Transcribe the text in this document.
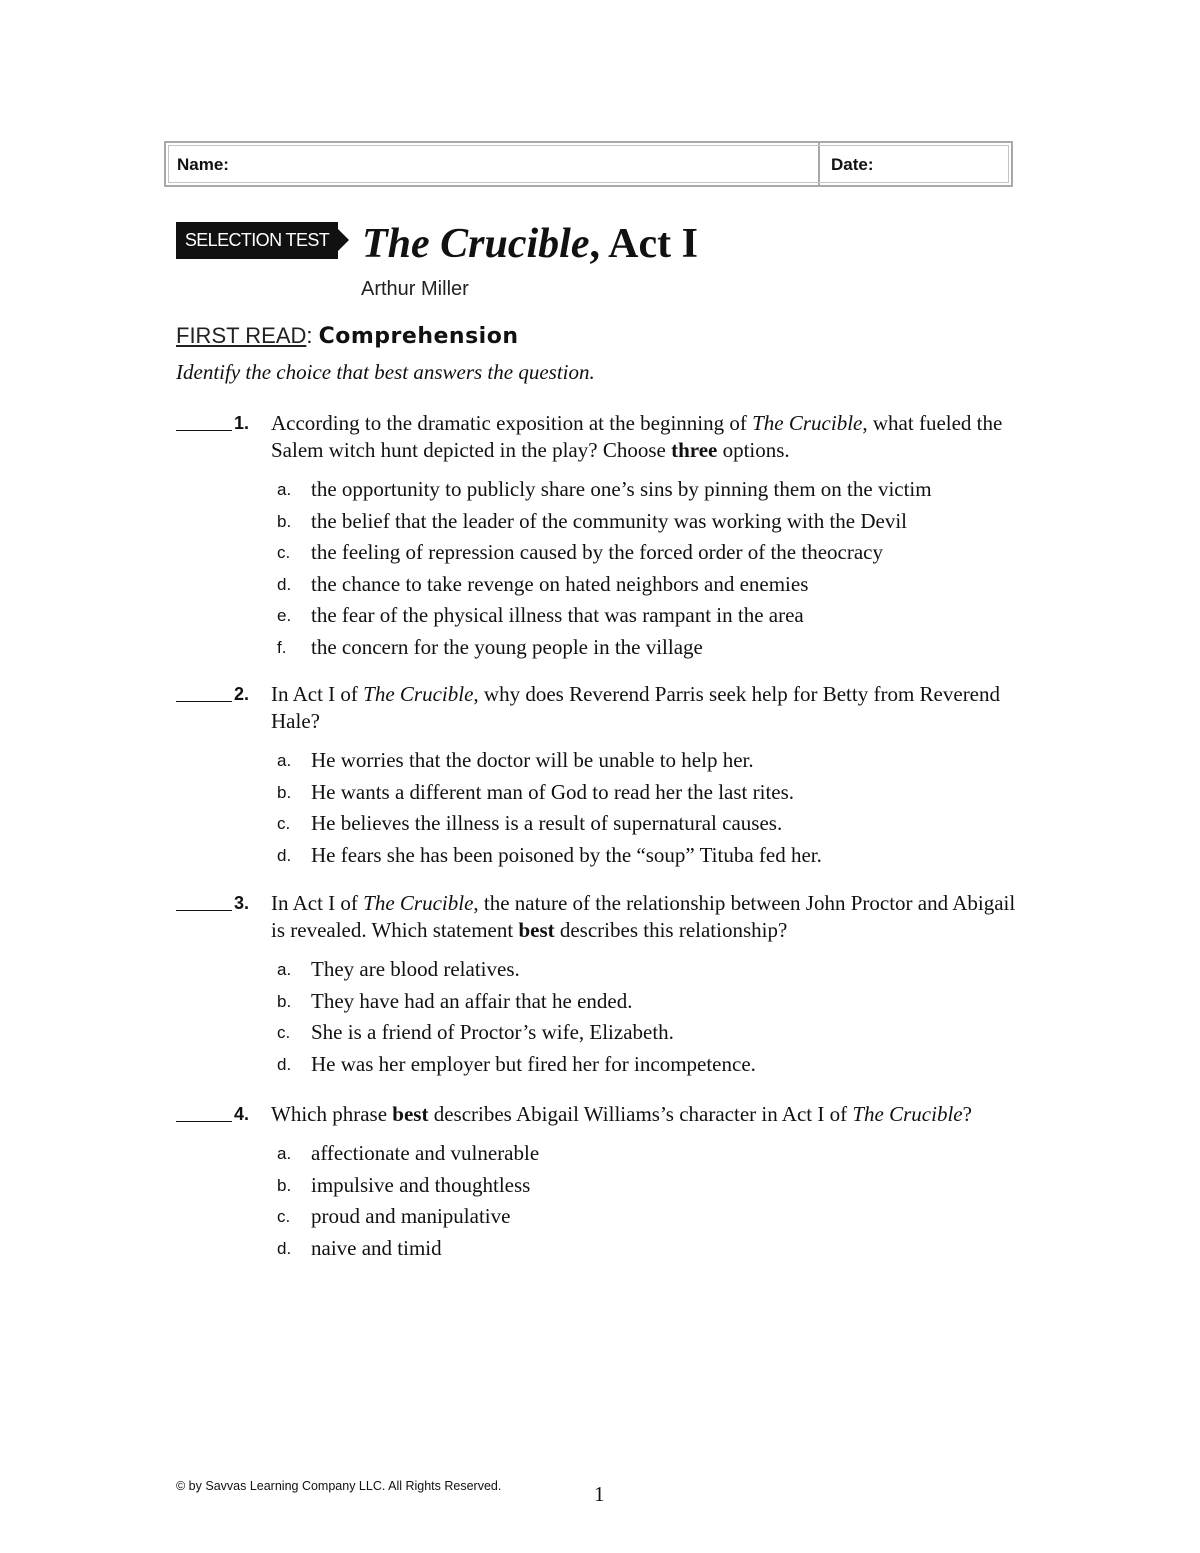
Name:	Date:
SELECTION TEST The Crucible, Act I
Arthur Miller
FIRST READ: Comprehension
Identify the choice that best answers the question.
1. According to the dramatic exposition at the beginning of The Crucible, what fueled the Salem witch hunt depicted in the play? Choose three options.
a. the opportunity to publicly share one’s sins by pinning them on the victim
b. the belief that the leader of the community was working with the Devil
c. the feeling of repression caused by the forced order of the theocracy
d. the chance to take revenge on hated neighbors and enemies
e. the fear of the physical illness that was rampant in the area
f. the concern for the young people in the village
2. In Act I of The Crucible, why does Reverend Parris seek help for Betty from Reverend Hale?
a. He worries that the doctor will be unable to help her.
b. He wants a different man of God to read her the last rites.
c. He believes the illness is a result of supernatural causes.
d. He fears she has been poisoned by the “soup” Tituba fed her.
3. In Act I of The Crucible, the nature of the relationship between John Proctor and Abigail is revealed. Which statement best describes this relationship?
a. They are blood relatives.
b. They have had an affair that he ended.
c. She is a friend of Proctor’s wife, Elizabeth.
d. He was her employer but fired her for incompetence.
4. Which phrase best describes Abigail Williams’s character in Act I of The Crucible?
a. affectionate and vulnerable
b. impulsive and thoughtless
c. proud and manipulative
d. naive and timid
© by Savvas Learning Company LLC. All Rights Reserved.	1
